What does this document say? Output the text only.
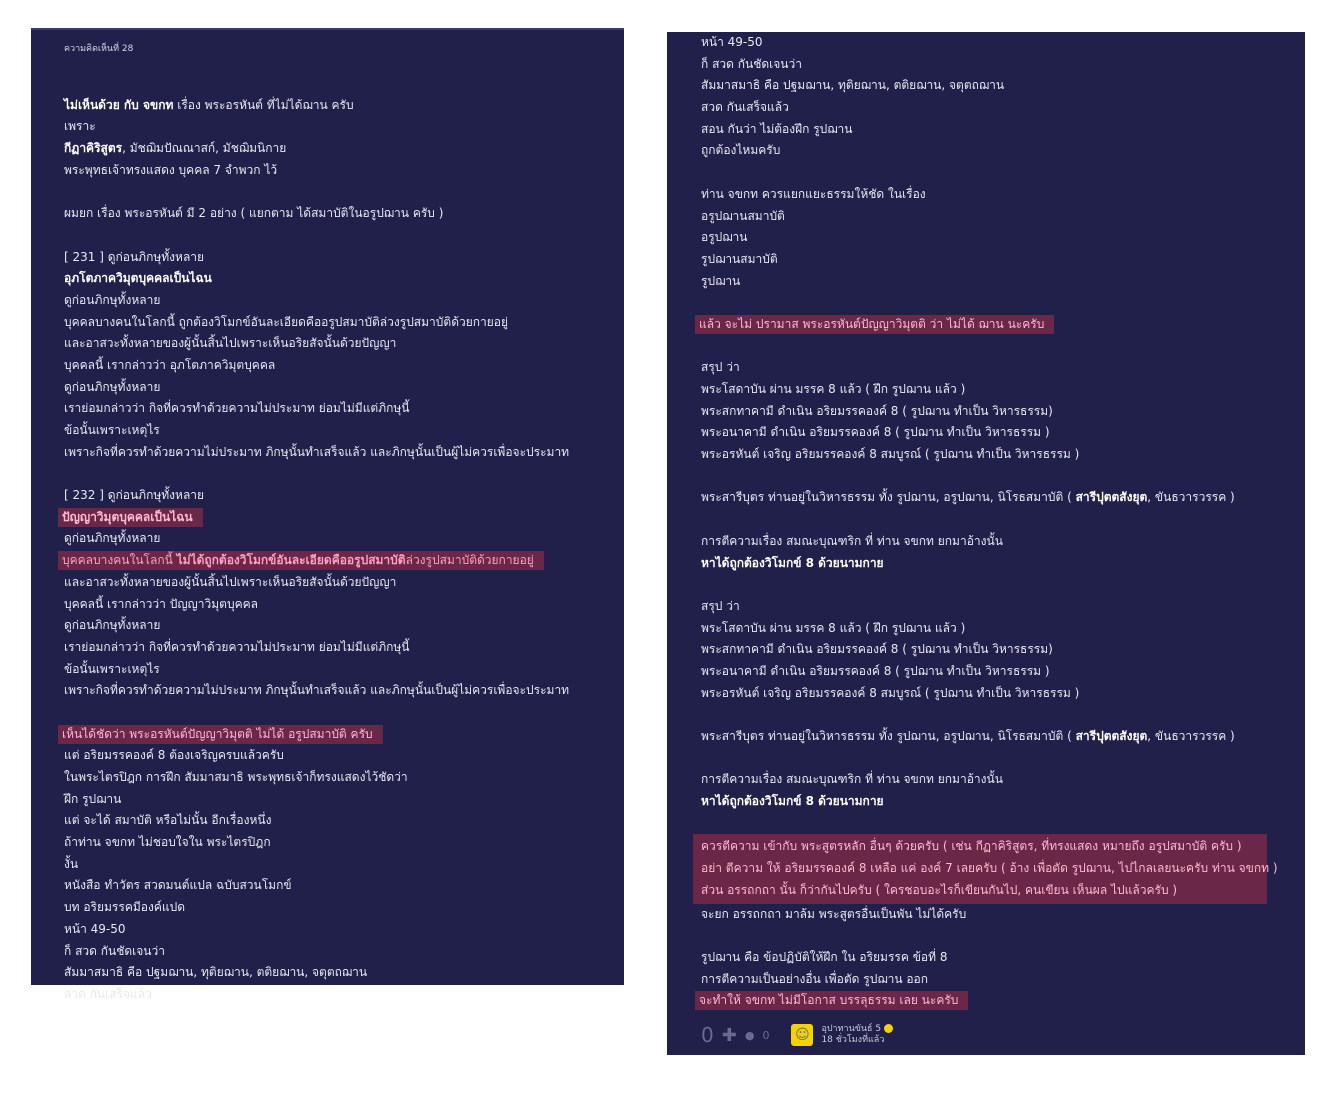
ความคิดเห็นที่ 28
ไม่เห็นด้วย กับ จขกท เรื่อง พระอรหันต์ ที่ไม่ได้ฌาน ครับ
เพราะ
กีฏาคิริสูตร, มัชฌิมปัณณาสก์, มัชฌิมนิกาย
พระพุทธเจ้าทรงแสดง บุคคล 7 จำพวก ไว้
ผมยก เรื่อง พระอรหันต์ มี 2 อย่าง ( แยกตาม ได้สมาบัติในอรูปฌาน ครับ )
[ 231 ] ดูก่อนภิกษุทั้งหลาย
อุภโตภาควิมุตบุคคลเป็นไฉน
ดูก่อนภิกษุทั้งหลาย
บุคคลบางคนในโลกนี้ ถูกต้องวิโมกข์อันละเอียดคืออรูปสมาบัติล่วงรูปสมาบัติด้วยกายอยู่
และอาสวะทั้งหลายของผู้นั้นสิ้นไปเพราะเห็นอริยสัจนั้นด้วยปัญญา
บุคคลนี้ เรากล่าวว่า อุภโตภาควิมุตบุคคล
ดูก่อนภิกษุทั้งหลาย
เราย่อมกล่าวว่า กิจที่ควรทำด้วยความไม่ประมาท ย่อมไม่มีแต่ภิกษุนี้
ข้อนั้นเพราะเหตุไร
เพราะกิจที่ควรทำด้วยความไม่ประมาท ภิกษุนั้นทำเสร็จแล้ว และภิกษุนั้นเป็นผู้ไม่ควรเพื่อจะประมาท
[ 232 ] ดูก่อนภิกษุทั้งหลาย
ปัญญาวิมุตบุคคลเป็นไฉน
ดูก่อนภิกษุทั้งหลาย
บุคคลบางคนในโลกนี้ ไม่ได้ถูกต้องวิโมกข์อันละเอียดคืออรูปสมาบัติล่วงรูปสมาบัติด้วยกายอยู่
และอาสวะทั้งหลายของผู้นั้นสิ้นไปเพราะเห็นอริยสัจนั้นด้วยปัญญา
บุคคลนี้ เรากล่าวว่า ปัญญาวิมุตบุคคล
ดูก่อนภิกษุทั้งหลาย
เราย่อมกล่าวว่า กิจที่ควรทำด้วยความไม่ประมาท ย่อมไม่มีแต่ภิกษุนี้
ข้อนั้นเพราะเหตุไร
เพราะกิจที่ควรทำด้วยความไม่ประมาท ภิกษุนั้นทำเสร็จแล้ว และภิกษุนั้นเป็นผู้ไม่ควรเพื่อจะประมาท
เห็นได้ชัดว่า พระอรหันต์ปัญญาวิมุตติ ไม่ได้ อรูปสมาบัติ ครับ
แต่ อริยมรรคองค์ 8 ต้องเจริญครบแล้วครับ
ในพระไตรปิฎก การฝึก สัมมาสมาธิ พระพุทธเจ้าก็ทรงแสดงไว้ชัดว่า
ฝึก รูปฌาน
แต่ จะได้ สมาบัติ หรือไม่นั้น อีกเรื่องหนึ่ง
ถ้าท่าน จขกท ไม่ชอบใจใน พระไตรปิฎก
งั้น
หนังสือ ทำวัตร สวดมนต์แปล ฉบับสวนโมกข์
บท อริยมรรคมีองค์แปด
หน้า 49-50
ก็ สวด กันชัดเจนว่า
สัมมาสมาธิ คือ ปฐมฌาน, ทุติยฌาน, ตติยฌาน, จตุตถฌาน
สวด กันเสร็จแล้ว
หน้า 49-50
ก็ สวด กันชัดเจนว่า
สัมมาสมาธิ คือ ปฐมฌาน, ทุติยฌาน, ตติยฌาน, จตุตถฌาน
สวด กันเสร็จแล้ว
สอน กันว่า ไม่ต้องฝึก รูปฌาน
ถูกต้องไหมครับ
ท่าน จขกท ควรแยกแยะธรรมให้ชัด ในเรื่อง
อรูปฌานสมาบัติ
อรูปฌาน
รูปฌานสมาบัติ
รูปฌาน
แล้ว จะไม่ ปรามาส พระอรหันต์ปัญญาวิมุตติ ว่า ไม่ได้ ฌาน นะครับ
สรุป ว่า
พระโสดาบัน ผ่าน มรรค 8 แล้ว ( ฝึก รูปฌาน แล้ว )
พระสกทาคามี ดำเนิน อริยมรรคองค์ 8 ( รูปฌาน ทำเป็น วิหารธรรม)
พระอนาคามี ดำเนิน อริยมรรคองค์ 8 ( รูปฌาน ทำเป็น วิหารธรรม )
พระอรหันต์ เจริญ อริยมรรคองค์ 8 สมบูรณ์ ( รูปฌาน ทำเป็น วิหารธรรม )
พระสารีบุตร ท่านอยู่ในวิหารธรรม ทั้ง รูปฌาน, อรูปฌาน, นิโรธสมาบัติ ( สารีปุตตสังยุต, ขันธวารวรรค )
การตีความเรื่อง สมณะบุณฑริก ที่ ท่าน จขกท ยกมาอ้างนั้น
หาได้ถูกต้องวิโมกข์ 8 ด้วยนามกาย
สรุป ว่า
พระโสดาบัน ผ่าน มรรค 8 แล้ว ( ฝึก รูปฌาน แล้ว )
พระสกทาคามี ดำเนิน อริยมรรคองค์ 8 ( รูปฌาน ทำเป็น วิหารธรรม)
พระอนาคามี ดำเนิน อริยมรรคองค์ 8 ( รูปฌาน ทำเป็น วิหารธรรม )
พระอรหันต์ เจริญ อริยมรรคองค์ 8 สมบูรณ์ ( รูปฌาน ทำเป็น วิหารธรรม )
พระสารีบุตร ท่านอยู่ในวิหารธรรม ทั้ง รูปฌาน, อรูปฌาน, นิโรธสมาบัติ ( สารีปุตตสังยุต, ขันธวารวรรค )
การตีความเรื่อง สมณะบุณฑริก ที่ ท่าน จขกท ยกมาอ้างนั้น
หาได้ถูกต้องวิโมกข์ 8 ด้วยนามกาย
ควรตีความ เข้ากับ พระสูตรหลัก อื่นๆ ด้วยครับ ( เช่น กีฏาคิริสูตร, ที่ทรงแสดง หมายถึง อรูปสมาบัติ ครับ )
อย่า ตีความ ให้ อริยมรรคองค์ 8 เหลือ แค่ องค์ 7 เลยครับ ( อ้าง เพื่อตัด รูปฌาน, ไปไกลเลยนะครับ ท่าน จขกท )
ส่วน อรรถกถา นั้น ก็ว่ากันไปครับ ( ใครชอบอะไรก็เขียนกันไป, คนเขียน เห็นผล ไปแล้วครับ )
จะยก อรรถกถา มาล้ม พระสูตรอื่นเป็นพัน ไม่ได้ครับ
รูปฌาน คือ ข้อปฏิบัติให้ฝึก ใน อริยมรรค ข้อที่ 8
การตีความเป็นอย่างอื่น เพื่อตัด รูปฌาน ออก
จะทำให้ จขกท ไม่มีโอกาส บรรลุธรรม เลย นะครับ
0 ✚ ● 0 ☺	อุปาทานขันธ์ 5
18 ชั่วโมงที่แล้ว
